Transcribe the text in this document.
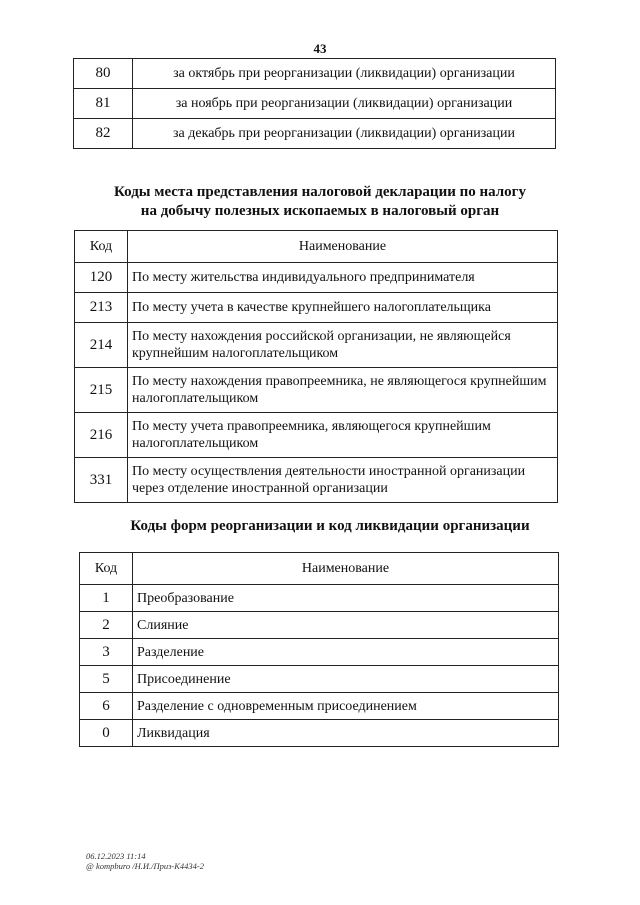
43
80	за октябрь при реорганизации (ликвидации) организации
81	за ноябрь при реорганизации (ликвидации) организации
82	за декабрь при реорганизации (ликвидации) организации
Коды места представления налоговой декларации по налогу
на добычу полезных ископаемых в налоговый орган
Код	Наименование
120	По месту жительства индивидуального предпринимателя
213	По месту учета в качестве крупнейшего налогоплательщика
214	По месту нахождения российской организации, не являющейся крупнейшим налогоплательщиком
215	По месту нахождения правопреемника, не являющегося крупнейшим налогоплательщиком
216	По месту учета правопреемника, являющегося крупнейшим налогоплательщиком
331	По месту осуществления деятельности иностранной организации через отделение иностранной организации
Коды форм реорганизации и код ликвидации организации
Код	Наименование
1	Преобразование
2	Слияние
3	Разделение
5	Присоединение
6	Разделение с одновременным присоединением
0	Ликвидация
06.12.2023 11:14
@ kompburo /Н.И./Приз-К4434-2
